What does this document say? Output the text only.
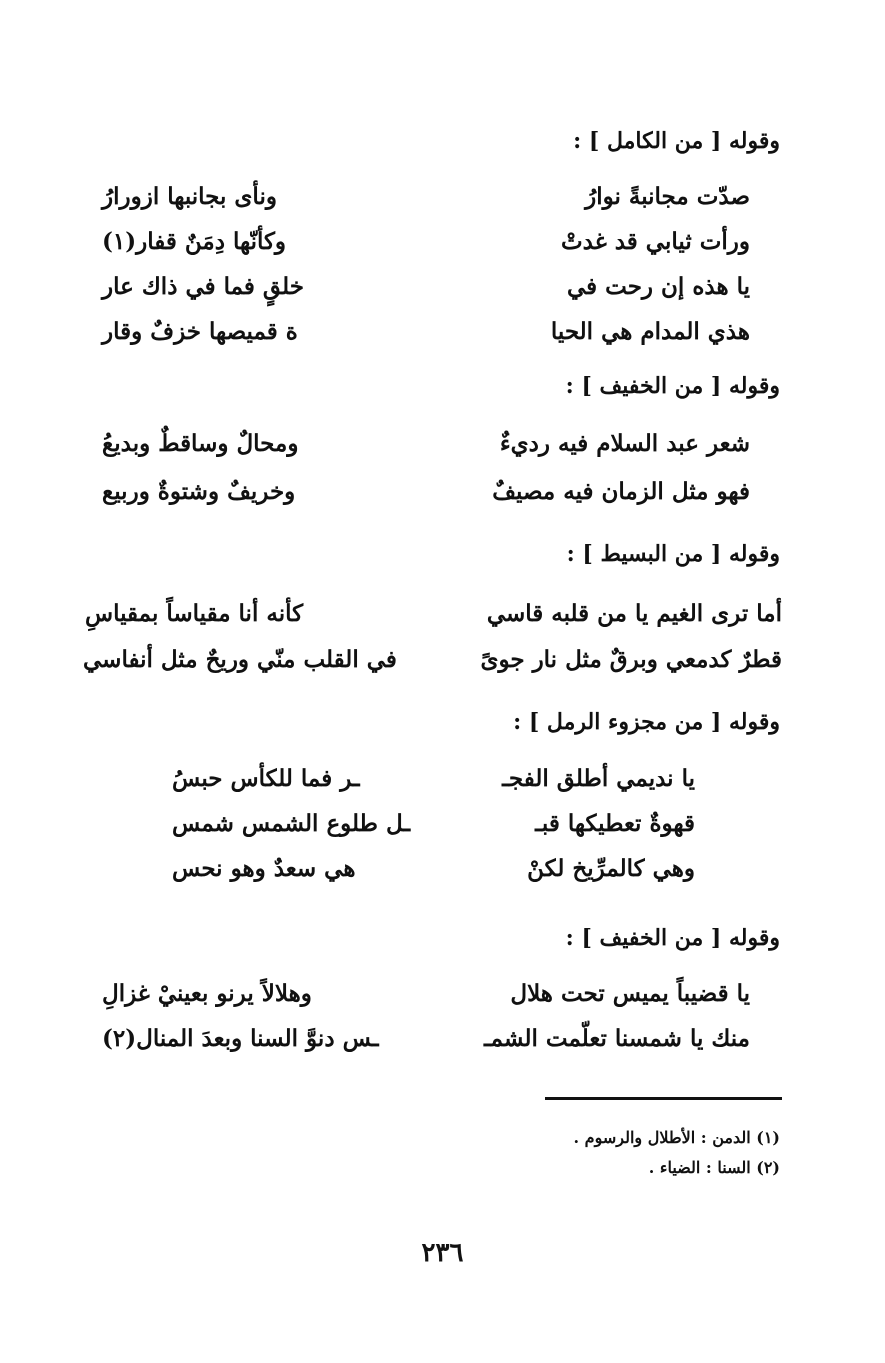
وقوله [ من الكامل ] :
صدّت مجانبةً نوارُ
ونأى بجانبها ازورارُ
ورأت ثيابي قد غدتْ
وكأنّها دِمَنٌ قفار(١)
يا هذه إن رحت في
خلقٍ فما في ذاك عار
هذي المدام هي الحيا
ة قميصها خزفٌ وقار
وقوله [ من الخفيف ] :
شعر عبد السلام فيه رديءٌ
ومحالٌ وساقطٌ وبديعُ
فهو مثل الزمان فيه مصيفٌ
وخريفٌ وشتوةٌ وربيع
وقوله [ من البسيط ] :
أما ترى الغيم يا من قلبه قاسي
كأنه أنا مقياساً بمقياسِ
قطرٌ كدمعي وبرقٌ مثل نار جوىً
في القلب منّي وريحٌ مثل أنفاسي
وقوله [ من مجزوء الرمل ] :
يا نديمي أطلق الفجـ
ـر فما للكأس حبسُ
قهوةٌ تعطيكها قبـ
ـل طلوع الشمس شمس
وهي كالمرِّيخ لكنْ
هي سعدٌ وهو نحس
وقوله [ من الخفيف ] :
يا قضيباً يميس تحت هلال
وهلالاً يرنو بعينيْ غزالِ
منك يا شمسنا تعلّمت الشمـ
ـس دنوَّ السنا وبعدَ المنال(٢)
(١) الدمن : الأطلال والرسوم .
(٢) السنا : الضياء .
٢٣٦
